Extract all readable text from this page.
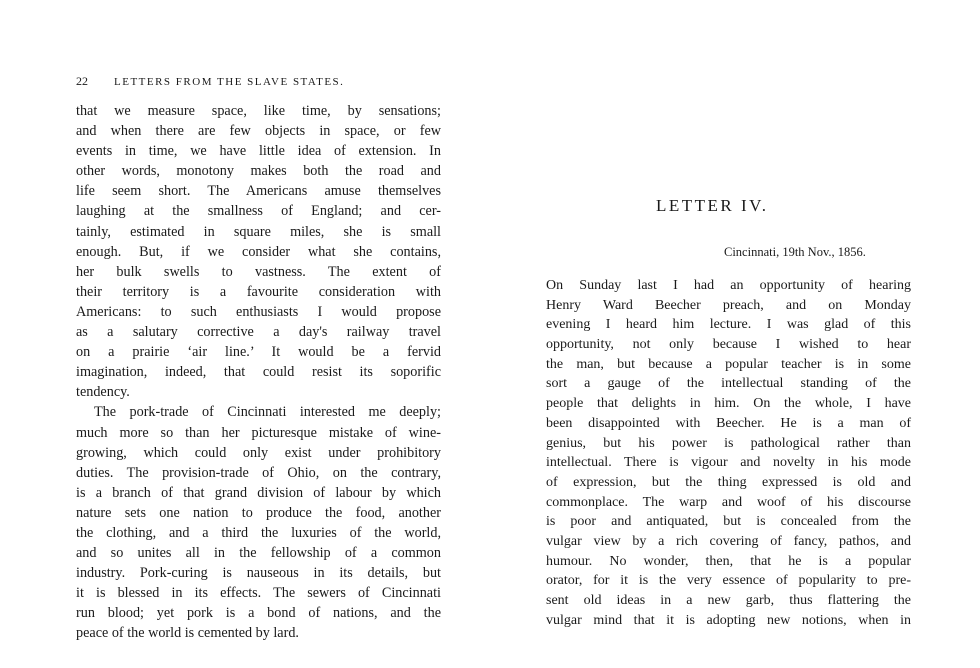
22 LETTERS FROM THE SLAVE STATES.
that we measure space, like time, by sensations;
and when there are few objects in space, or few
events in time, we have little idea of extension. In
other words, monotony makes both the road and
life seem short. The Americans amuse themselves
laughing at the smallness of England; and cer-
tainly, estimated in square miles, she is small
enough. But, if we consider what she contains,
her bulk swells to vastness. The extent of
their territory is a favourite consideration with
Americans: to such enthusiasts I would propose
as a salutary corrective a day's railway travel
on a prairie ‘air line.’ It would be a fervid
imagination, indeed, that could resist its soporific
tendency.
The pork-trade of Cincinnati interested me deeply;
much more so than her picturesque mistake of wine-
growing, which could only exist under prohibitory
duties. The provision-trade of Ohio, on the contrary,
is a branch of that grand division of labour by which
nature sets one nation to produce the food, another
the clothing, and a third the luxuries of the world,
and so unites all in the fellowship of a common
industry. Pork-curing is nauseous in its details, but
it is blessed in its effects. The sewers of Cincinnati
run blood; yet pork is a bond of nations, and the
peace of the world is cemented by lard.
LETTER IV.
Cincinnati, 19th Nov., 1856.
On Sunday last I had an opportunity of hearing
Henry Ward Beecher preach, and on Monday
evening I heard him lecture. I was glad of this
opportunity, not only because I wished to hear
the man, but because a popular teacher is in some
sort a gauge of the intellectual standing of the
people that delights in him. On the whole, I have
been disappointed with Beecher. He is a man of
genius, but his power is pathological rather than
intellectual. There is vigour and novelty in his mode
of expression, but the thing expressed is old and
commonplace. The warp and woof of his discourse
is poor and antiquated, but is concealed from the
vulgar view by a rich covering of fancy, pathos, and
humour. No wonder, then, that he is a popular
orator, for it is the very essence of popularity to pre-
sent old ideas in a new garb, thus flattering the
vulgar mind that it is adopting new notions, when in
